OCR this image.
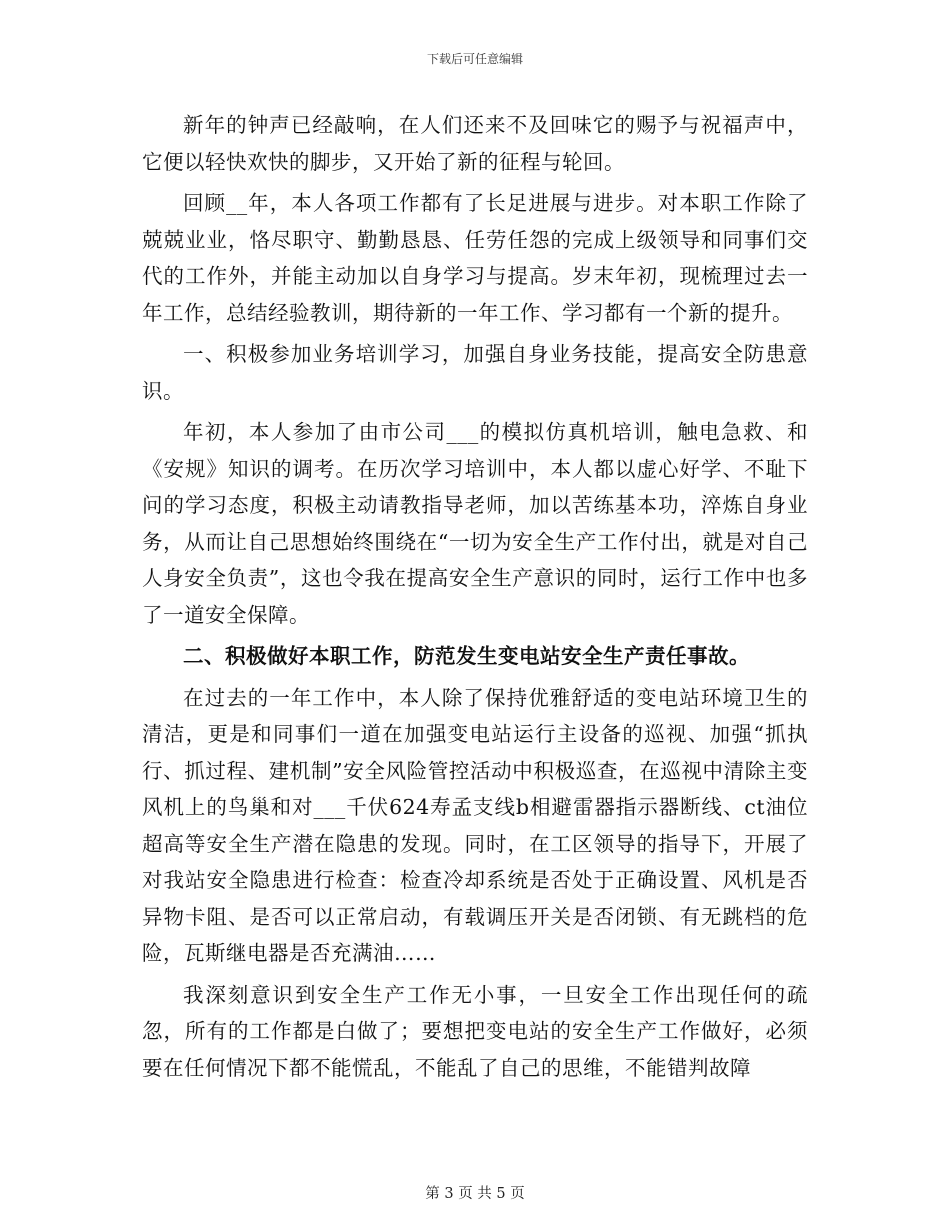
下载后可任意编辑

新年的钟声已经敲响，在人们还来不及回味它的赐予与祝福声中，它便以轻快欢快的脚步，又开始了新的征程与轮回。

回顾__年，本人各项工作都有了长足进展与进步。对本职工作除了兢兢业业，恪尽职守、勤勤恳恳、任劳任怨的完成上级领导和同事们交代的工作外，并能主动加以自身学习与提高。岁末年初，现梳理过去一年工作，总结经验教训，期待新的一年工作、学习都有一个新的提升。

一、积极参加业务培训学习，加强自身业务技能，提高安全防患意识。

年初，本人参加了由市公司___的模拟仿真机培训，触电急救、和《安规》知识的调考。在历次学习培训中，本人都以虚心好学、不耻下问的学习态度，积极主动请教指导老师，加以苦练基本功，淬炼自身业务，从而让自己思想始终围绕在“一切为安全生产工作付出，就是对自己人身安全负责”，这也令我在提高安全生产意识的同时，运行工作中也多了一道安全保障。

二、积极做好本职工作，防范发生变电站安全生产责任事故。

在过去的一年工作中，本人除了保持优雅舒适的变电站环境卫生的清洁，更是和同事们一道在加强变电站运行主设备的巡视、加强“抓执行、抓过程、建机制”安全风险管控活动中积极巡查，在巡视中清除主变风机上的鸟巢和对___千伏624寿孟支线b相避雷器指示器断线、ct油位超高等安全生产潜在隐患的发现。同时，在工区领导的指导下，开展了对我站安全隐患进行检查：检查冷却系统是否处于正确设置、风机是否异物卡阻、是否可以正常启动，有载调压开关是否闭锁、有无跳档的危险，瓦斯继电器是否充满油……

我深刻意识到安全生产工作无小事，一旦安全工作出现任何的疏忽，所有的工作都是白做了；要想把变电站的安全生产工作做好，必须要在任何情况下都不能慌乱，不能乱了自己的思维，不能错判故障

第 3 页 共 5 页
